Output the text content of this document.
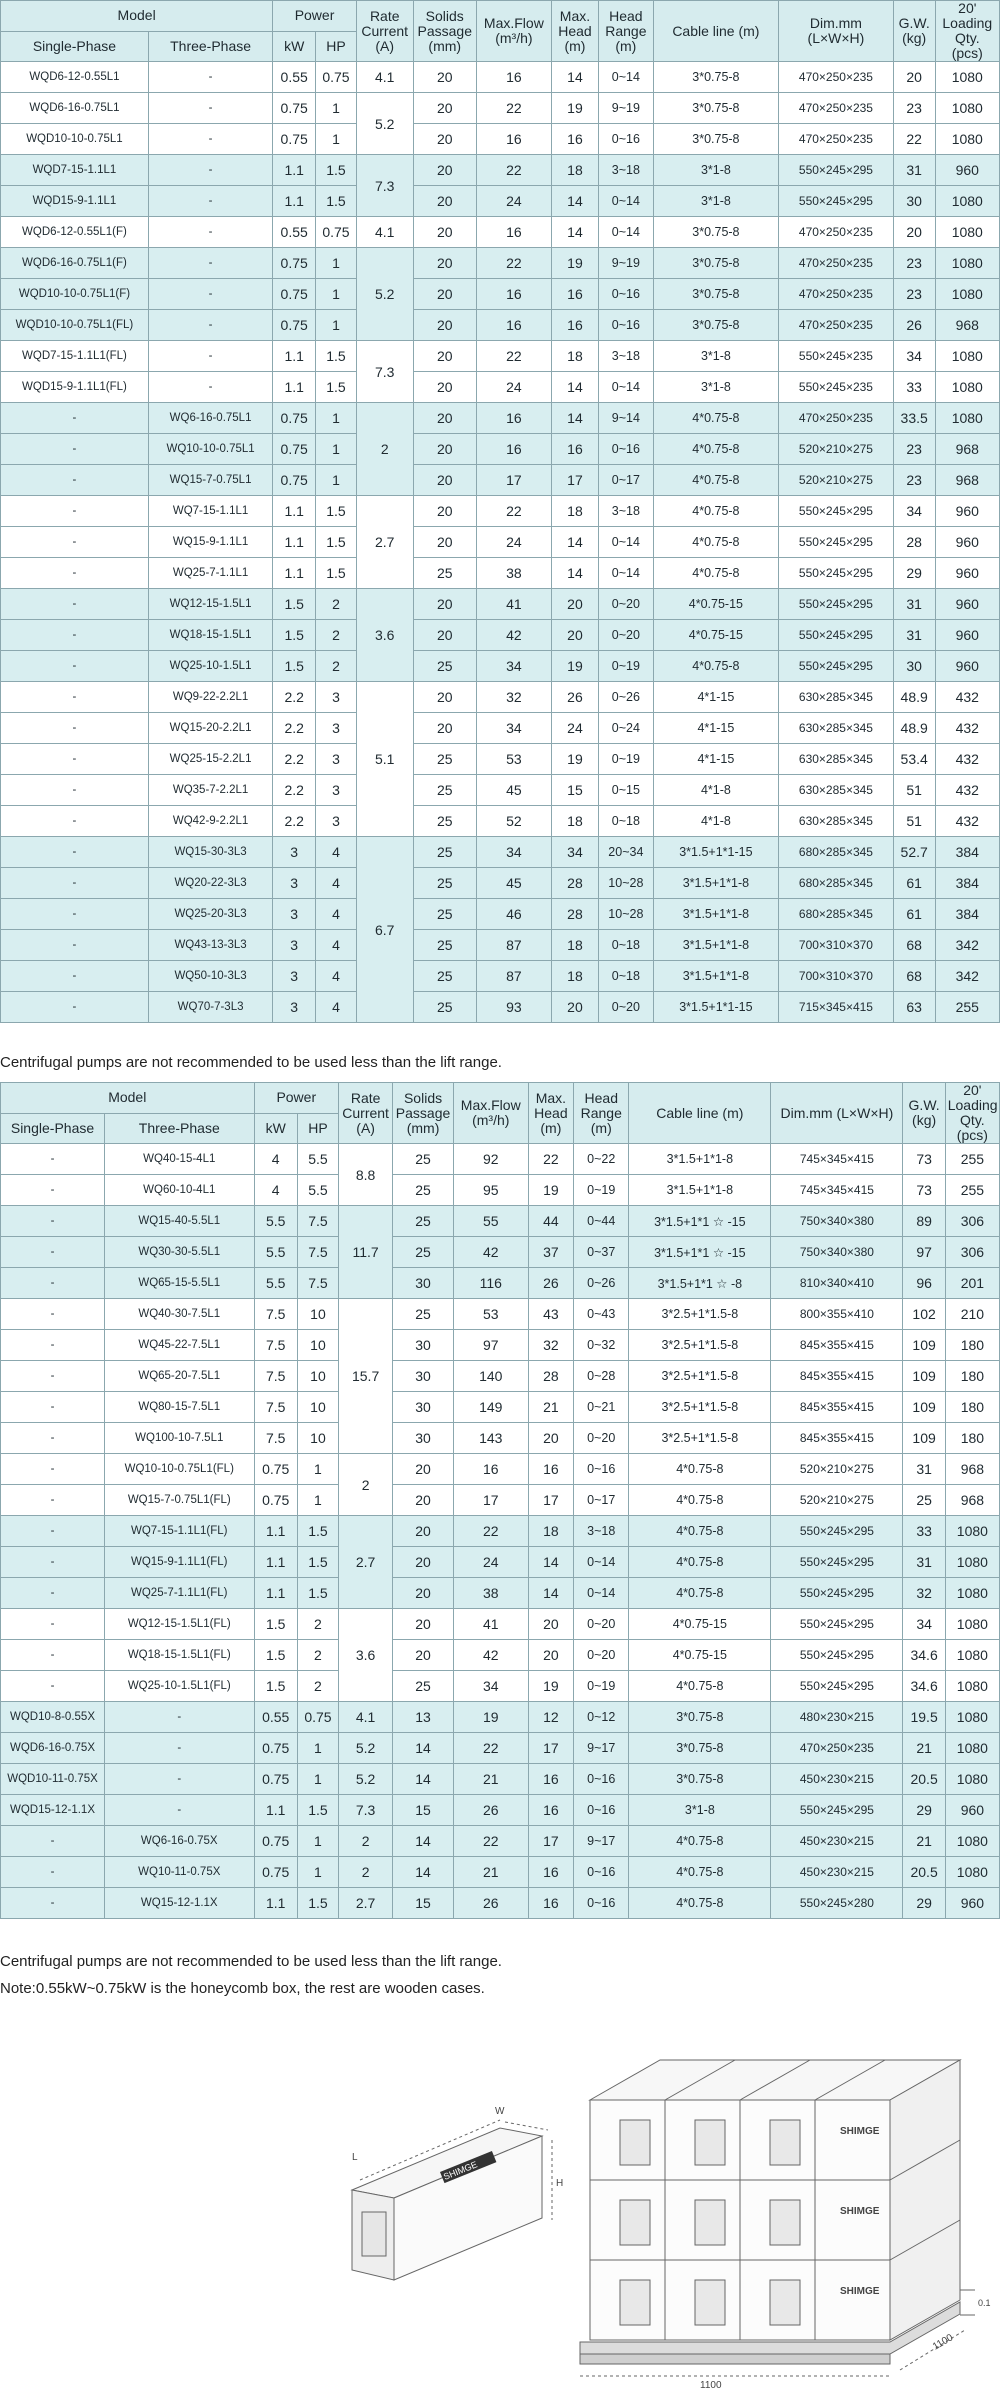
Model		Power		Rate Current (A)	Solids Passage (mm)	Max.Flow (m³/h)	Max. Head (m)	Head Range (m)	Cable line (m)	Dim.mm (L×W×H)	G.W. (kg)	20' Loading Qty. (pcs)
Single-Phase	Three-Phase	kW	HP									
WQD6-12-0.55L1	-	0.55	0.75	4.1	20	16	14	0~14	3*0.75-8	470×250×235	20	1080
WQD6-16-0.75L1	-	0.75	1	5.2	20	22	19	9~19	3*0.75-8	470×250×235	23	1080
WQD10-10-0.75L1	-	0.75	1		20	16	16	0~16	3*0.75-8	470×250×235	22	1080
WQD7-15-1.1L1	-	1.1	1.5	7.3	20	22	18	3~18	3*1-8	550×245×295	31	960
WQD15-9-1.1L1	-	1.1	1.5		20	24	14	0~14	3*1-8	550×245×295	30	1080
WQD6-12-0.55L1(F)	-	0.55	0.75	4.1	20	16	14	0~14	3*0.75-8	470×250×235	20	1080
WQD6-16-0.75L1(F)	-	0.75	1	5.2	20	22	19	9~19	3*0.75-8	470×250×235	23	1080
WQD10-10-0.75L1(F)	-	0.75	1		20	16	16	0~16	3*0.75-8	470×250×235	23	1080
WQD10-10-0.75L1(FL)	-	0.75	1		20	16	16	0~16	3*0.75-8	470×250×235	26	968
WQD7-15-1.1L1(FL)	-	1.1	1.5	7.3	20	22	18	3~18	3*1-8	550×245×235	34	1080
WQD15-9-1.1L1(FL)	-	1.1	1.5		20	24	14	0~14	3*1-8	550×245×235	33	1080
-	WQ6-16-0.75L1	0.75	1	2	20	16	14	9~14	4*0.75-8	470×250×235	33.5	1080
-	WQ10-10-0.75L1	0.75	1		20	16	16	0~16	4*0.75-8	520×210×275	23	968
-	WQ15-7-0.75L1	0.75	1		20	17	17	0~17	4*0.75-8	520×210×275	23	968
-	WQ7-15-1.1L1	1.1	1.5	2.7	20	22	18	3~18	4*0.75-8	550×245×295	34	960
-	WQ15-9-1.1L1	1.1	1.5		20	24	14	0~14	4*0.75-8	550×245×295	28	960
-	WQ25-7-1.1L1	1.1	1.5		25	38	14	0~14	4*0.75-8	550×245×295	29	960
-	WQ12-15-1.5L1	1.5	2	3.6	20	41	20	0~20	4*0.75-15	550×245×295	31	960
-	WQ18-15-1.5L1	1.5	2		20	42	20	0~20	4*0.75-15	550×245×295	31	960
-	WQ25-10-1.5L1	1.5	2		25	34	19	0~19	4*0.75-8	550×245×295	30	960
-	WQ9-22-2.2L1	2.2	3	5.1	20	32	26	0~26	4*1-15	630×285×345	48.9	432
-	WQ15-20-2.2L1	2.2	3		20	34	24	0~24	4*1-15	630×285×345	48.9	432
-	WQ25-15-2.2L1	2.2	3		25	53	19	0~19	4*1-15	630×285×345	53.4	432
-	WQ35-7-2.2L1	2.2	3		25	45	15	0~15	4*1-8	630×285×345	51	432
-	WQ42-9-2.2L1	2.2	3		25	52	18	0~18	4*1-8	630×285×345	51	432
-	WQ15-30-3L3	3	4	6.7	25	34	34	20~34	3*1.5+1*1-15	680×285×345	52.7	384
-	WQ20-22-3L3	3	4		25	45	28	10~28	3*1.5+1*1-8	680×285×345	61	384
-	WQ25-20-3L3	3	4		25	46	28	10~28	3*1.5+1*1-8	680×285×345	61	384
-	WQ43-13-3L3	3	4		25	87	18	0~18	3*1.5+1*1-8	700×310×370	68	342
-	WQ50-10-3L3	3	4		25	87	18	0~18	3*1.5+1*1-8	700×310×370	68	342
-	WQ70-7-3L3	3	4		25	93	20	0~20	3*1.5+1*1-15	715×345×415	63	255

Centrifugal pumps are not recommended to be used less than the lift range.

Model		Power		Rate Current (A)	Solids Passage (mm)	Max.Flow (m³/h)	Max. Head (m)	Head Range (m)	Cable line (m)	Dim.mm (L×W×H)	G.W. (kg)	20' Loading Qty. (pcs)
Single-Phase	Three-Phase	kW	HP									
-	WQ40-15-4L1	4	5.5	8.8	25	92	22	0~22	3*1.5+1*1-8	745×345×415	73	255
-	WQ60-10-4L1	4	5.5		25	95	19	0~19	3*1.5+1*1-8	745×345×415	73	255
-	WQ15-40-5.5L1	5.5	7.5	11.7	25	55	44	0~44	3*1.5+1*1 ☆ -15	750×340×380	89	306
-	WQ30-30-5.5L1	5.5	7.5		25	42	37	0~37	3*1.5+1*1 ☆ -15	750×340×380	97	306
-	WQ65-15-5.5L1	5.5	7.5		30	116	26	0~26	3*1.5+1*1 ☆ -8	810×340×410	96	201
-	WQ40-30-7.5L1	7.5	10	15.7	25	53	43	0~43	3*2.5+1*1.5-8	800×355×410	102	210
-	WQ45-22-7.5L1	7.5	10		30	97	32	0~32	3*2.5+1*1.5-8	845×355×415	109	180
-	WQ65-20-7.5L1	7.5	10		30	140	28	0~28	3*2.5+1*1.5-8	845×355×415	109	180
-	WQ80-15-7.5L1	7.5	10		30	149	21	0~21	3*2.5+1*1.5-8	845×355×415	109	180
-	WQ100-10-7.5L1	7.5	10		30	143	20	0~20	3*2.5+1*1.5-8	845×355×415	109	180
-	WQ10-10-0.75L1(FL)	0.75	1	2	20	16	16	0~16	4*0.75-8	520×210×275	31	968
-	WQ15-7-0.75L1(FL)	0.75	1		20	17	17	0~17	4*0.75-8	520×210×275	25	968
-	WQ7-15-1.1L1(FL)	1.1	1.5	2.7	20	22	18	3~18	4*0.75-8	550×245×295	33	1080
-	WQ15-9-1.1L1(FL)	1.1	1.5		20	24	14	0~14	4*0.75-8	550×245×295	31	1080
-	WQ25-7-1.1L1(FL)	1.1	1.5		20	38	14	0~14	4*0.75-8	550×245×295	32	1080
-	WQ12-15-1.5L1(FL)	1.5	2	3.6	20	41	20	0~20	4*0.75-15	550×245×295	34	1080
-	WQ18-15-1.5L1(FL)	1.5	2		20	42	20	0~20	4*0.75-15	550×245×295	34.6	1080
-	WQ25-10-1.5L1(FL)	1.5	2		25	34	19	0~19	4*0.75-8	550×245×295	34.6	1080
WQD10-8-0.55X	-	0.55	0.75	4.1	13	19	12	0~12	3*0.75-8	480×230×215	19.5	1080
WQD6-16-0.75X	-	0.75	1	5.2	14	22	17	9~17	3*0.75-8	470×250×235	21	1080
WQD10-11-0.75X	-	0.75	1	5.2	14	21	16	0~16	3*0.75-8	450×230×215	20.5	1080
WQD15-12-1.1X	-	1.1	1.5	7.3	15	26	16	0~16	3*1-8	550×245×295	29	960
-	WQ6-16-0.75X	0.75	1	2	14	22	17	9~17	4*0.75-8	450×230×215	21	1080
-	WQ10-11-0.75X	0.75	1	2	14	21	16	0~16	4*0.75-8	450×230×215	20.5	1080
-	WQ15-12-1.1X	1.1	1.5	2.7	15	26	16	0~16	4*0.75-8	550×245×280	29	960

Centrifugal pumps are not recommended to be used less than the lift range.

Note:0.55kW~0.75kW is the honeycomb box, the rest are wooden cases.

L
W
H
SHIMGE
SHIMGE
SHIMGE
SHIMGE
0.1
1100
1100
